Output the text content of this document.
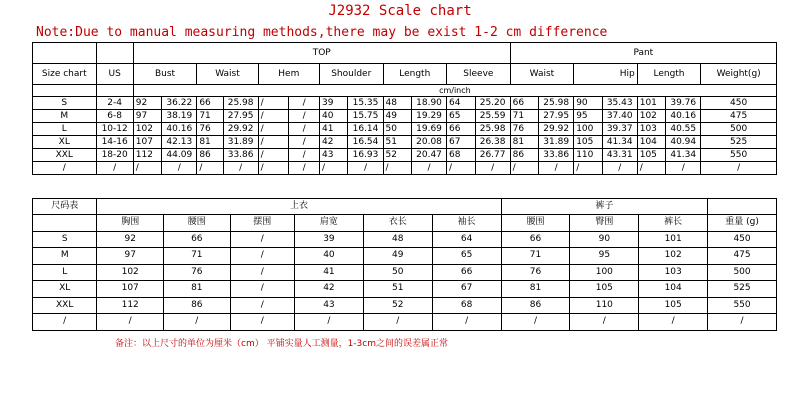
J2932 Scale chart
Note:Due to manual measuring methods,there may be exist 1-2 cm difference
		TOP												Pant						
Size chart	US	Bust		Waist		Hem		Shoulder		Length		Sleeve		Waist		Hip		Length		Weight(g)
		cm/inch																		
S	2-4	92	36.22	66	25.98	/	/	39	15.35	48	18.90	64	25.20	66	25.98	90	35.43	101	39.76	450
M	6-8	97	38.19	71	27.95	/	/	40	15.75	49	19.29	65	25.59	71	27.95	95	37.40	102	40.16	475
L	10-12	102	40.16	76	29.92	/	/	41	16.14	50	19.69	66	25.98	76	29.92	100	39.37	103	40.55	500
XL	14-16	107	42.13	81	31.89	/	/	42	16.54	51	20.08	67	26.38	81	31.89	105	41.34	104	40.94	525
XXL	18-20	112	44.09	86	33.86	/	/	43	16.93	52	20.47	68	26.77	86	33.86	110	43.31	105	41.34	550
/	/	/	/	/	/	/	/	/	/	/	/	/	/	/	/	/	/	/	/	/
尺码表	上衣						裤子			
	胸围	腰围	摆围	肩宽	衣长	袖长	腰围	臀围	裤长	重量 (g)
S	92	66	/	39	48	64	66	90	101	450
M	97	71	/	40	49	65	71	95	102	475
L	102	76	/	41	50	66	76	100	103	500
XL	107	81	/	42	51	67	81	105	104	525
XXL	112	86	/	43	52	68	86	110	105	550
/	/	/	/	/	/	/	/	/	/	/
备注：以上尺寸的单位为厘米（cm） 平铺实量人工测量，1-3cm之间的误差属正常
